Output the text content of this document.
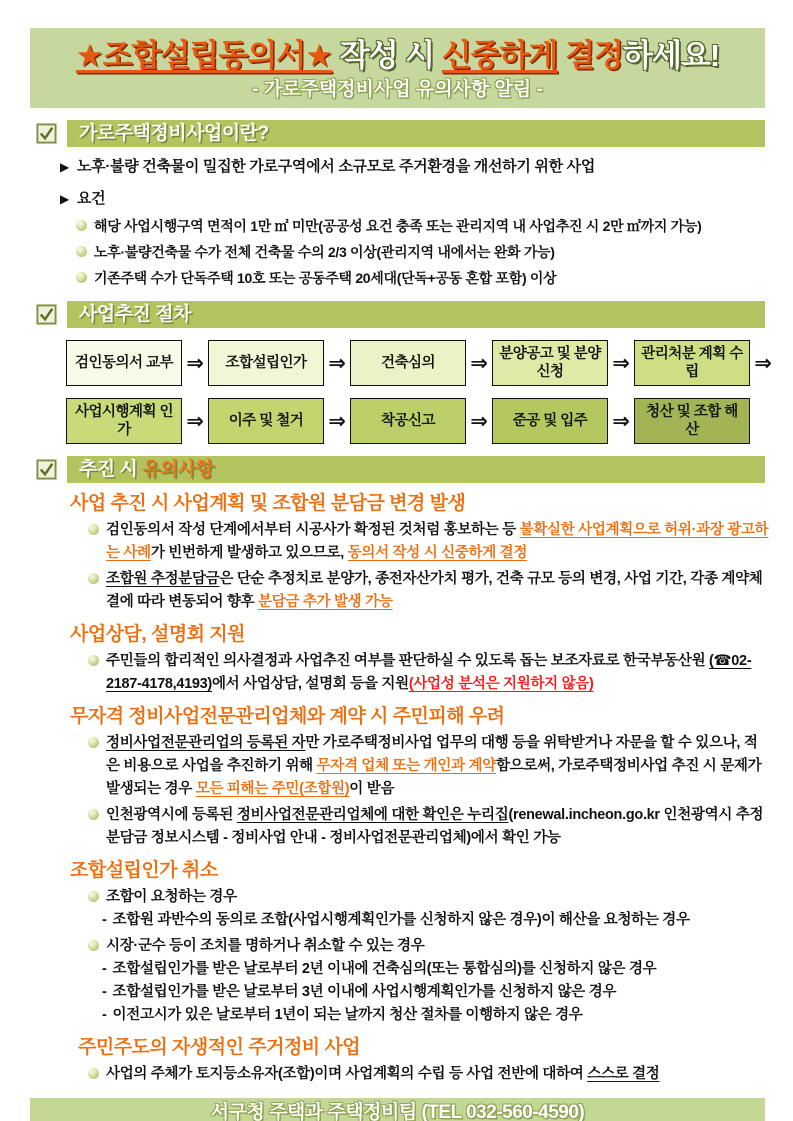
★조합설립동의서★ 작성 시 신중하게 결정하세요!
- 가로주택정비사업 유의사항 알림 -
가로주택정비사업이란?
▶ 노후·불량 건축물이 밀집한 가로구역에서 소규모로 주거환경을 개선하기 위한 사업
▶ 요건
해당 사업시행구역 면적이 1만 ㎡ 미만(공공성 요건 충족 또는 관리지역 내 사업추진 시 2만 ㎡까지 가능)
노후·불량건축물 수가 전체 건축물 수의 2/3 이상(관리지역 내에서는 완화 가능)
기존주택 수가 단독주택 10호 또는 공동주택 20세대(단독+공동 혼합 포함) 이상
사업추진 절차
검인동의서 교부 ⇒	조합설립인가	⇒	건축심의	⇒ 분양공고 및 분양신청	⇒ 관리처분 계획 수립	⇒
사업시행계획 인가	⇒	이주 및 철거	⇒	착공신고	⇒	준공 및 입주	⇒	청산 및 조합 해산
추진 시 유의사항
사업 추진 시 사업계획 및 조합원 분담금 변경 발생
검인동의서 작성 단계에서부터 시공사가 확정된 것처럼 홍보하는 등 불확실한 사업계획으로 허위·과장 광고하는 사례가 빈번하게 발생하고 있으므로, 동의서 작성 시 신중하게 결정
조합원 추정분담금은 단순 추정치로 분양가, 종전자산가치 평가, 건축 규모 등의 변경, 사업 기간, 각종 계약체결에 따라 변동되어 향후 분담금 추가 발생 가능
사업상담, 설명회 지원
주민들의 합리적인 의사결정과 사업추진 여부를 판단하실 수 있도록 돕는 보조자료로 한국부동산원 (☎02-2187-4178,4193)에서 사업상담, 설명회 등을 지원(사업성 분석은 지원하지 않음)
무자격 정비사업전문관리업체와 계약 시 주민피해 우려
정비사업전문관리업의 등록된 자만 가로주택정비사업 업무의 대행 등을 위탁받거나 자문을 할 수 있으나, 적은 비용으로 사업을 추진하기 위해 무자격 업체 또는 개인과 계약함으로써, 가로주택정비사업 추진 시 문제가 발생되는 경우 모든 피해는 주민(조합원)이 받음
인천광역시에 등록된 정비사업전문관리업체에 대한 확인은 누리집(renewal.incheon.go.kr 인천광역시 추정분담금 정보시스템 - 정비사업 안내 - 정비사업전문관리업체)에서 확인 가능
조합설립인가 취소
조합이 요청하는 경우
- 조합원 과반수의 동의로 조합(사업시행계획인가를 신청하지 않은 경우)이 해산을 요청하는 경우
시장·군수 등이 조치를 명하거나 취소할 수 있는 경우
- 조합설립인가를 받은 날로부터 2년 이내에 건축심의(또는 통합심의)를 신청하지 않은 경우
- 조합설립인가를 받은 날로부터 3년 이내에 사업시행계획인가를 신청하지 않은 경우
- 이전고시가 있은 날로부터 1년이 되는 날까지 청산 절차를 이행하지 않은 경우
주민주도의 자생적인 주거정비 사업
사업의 주체가 토지등소유자(조합)이며 사업계획의 수립 등 사업 전반에 대하여 스스로 결정
서구청 주택과 주택정비팀 (TEL 032-560-4590)
